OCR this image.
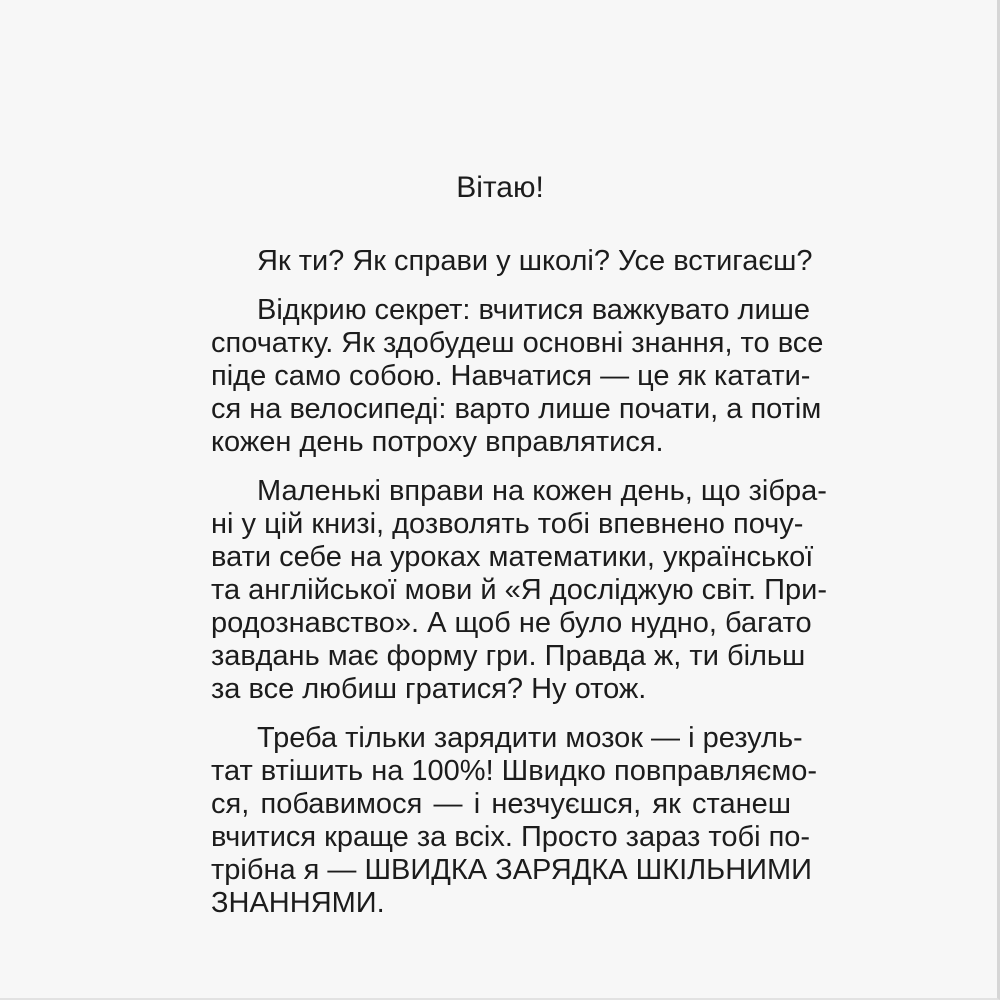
Вітаю!
Як ти? Як справи у школі? Усе встигаєш?
Відкрию секрет: вчитися важкувато лише
спочатку. Як здобудеш основні знання, то все
піде само собою. Навчатися — це як катати-
ся на велосипеді: варто лише почати, а потім
кожен день потроху вправлятися.
Маленькі вправи на кожен день, що зібра-
ні у цій книзі, дозволять тобі впевнено почу-
вати себе на уроках математики, української
та англійської мови й «Я досліджую світ. При-
родознавство». А щоб не було нудно, багато
завдань має форму гри. Правда ж, ти більш
за все любиш гратися? Ну отож.
Треба тільки зарядити мозок — і резуль-
тат втішить на 100%! Швидко повправляємо-
ся, побавимося — і незчуєшся, як станеш
вчитися краще за всіх. Просто зараз тобі по-
трібна я — ШВИДКА ЗАРЯДКА ШКІЛЬНИМИ
ЗНАННЯМИ.
